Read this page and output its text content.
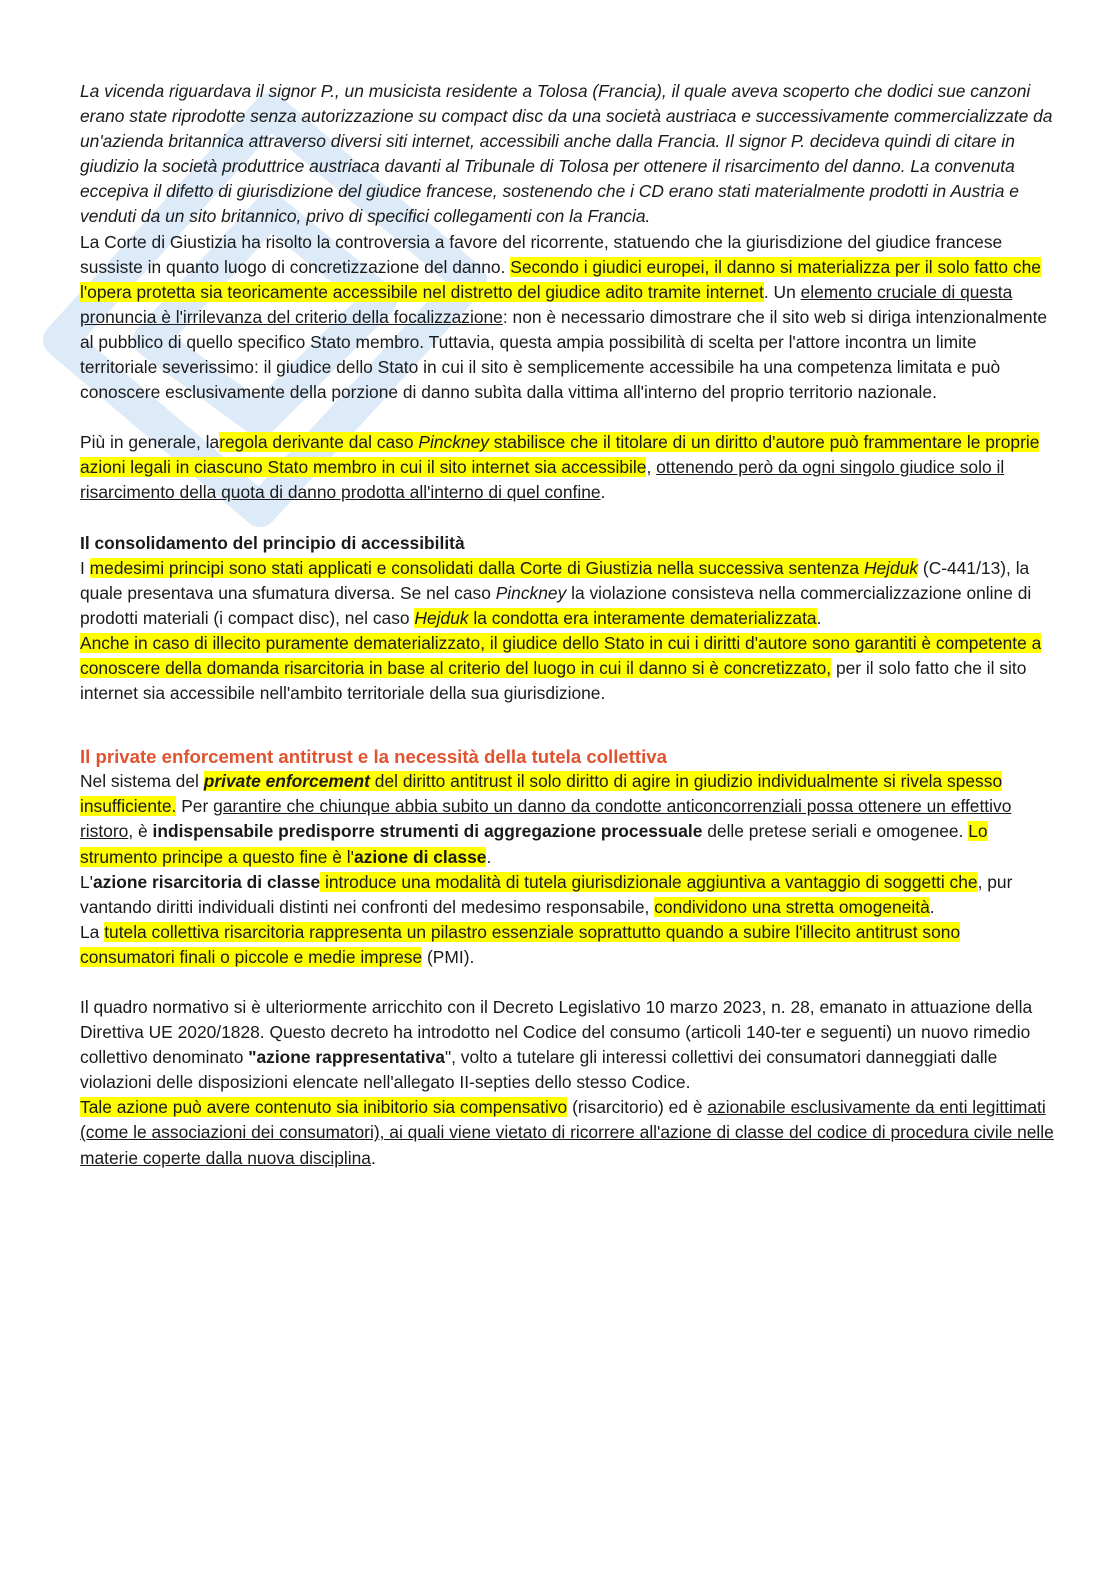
La vicenda riguardava il signor P., un musicista residente a Tolosa (Francia), il quale aveva scoperto che dodici sue canzoni erano state riprodotte senza autorizzazione su compact disc da una società austriaca e successivamente commercializzate da un'azienda britannica attraverso diversi siti internet, accessibili anche dalla Francia. Il signor P. decideva quindi di citare in giudizio la società produttrice austriaca davanti al Tribunale di Tolosa per ottenere il risarcimento del danno. La convenuta eccepiva il difetto di giurisdizione del giudice francese, sostenendo che i CD erano stati materialmente prodotti in Austria e venduti da un sito britannico, privo di specifici collegamenti con la Francia.

La Corte di Giustizia ha risolto la controversia a favore del ricorrente, statuendo che la giurisdizione del giudice francese sussiste in quanto luogo di concretizzazione del danno. Secondo i giudici europei, il danno si materializza per il solo fatto che l'opera protetta sia teoricamente accessibile nel distretto del giudice adito tramite internet. Un elemento cruciale di questa pronuncia è l'irrilevanza del criterio della focalizzazione: non è necessario dimostrare che il sito web si diriga intenzionalmente al pubblico di quello specifico Stato membro. Tuttavia, questa ampia possibilità di scelta per l'attore incontra un limite territoriale severissimo: il giudice dello Stato in cui il sito è semplicemente accessibile ha una competenza limitata e può conoscere esclusivamente della porzione di danno subìta dalla vittima all'interno del proprio territorio nazionale.

Più in generale, laregola derivante dal caso Pinckney stabilisce che il titolare di un diritto d'autore può frammentare le proprie azioni legali in ciascuno Stato membro in cui il sito internet sia accessibile, ottenendo però da ogni singolo giudice solo il risarcimento della quota di danno prodotta all'interno di quel confine.

Il consolidamento del principio di accessibilità

I medesimi principi sono stati applicati e consolidati dalla Corte di Giustizia nella successiva sentenza Hejduk (C-441/13), la quale presentava una sfumatura diversa. Se nel caso Pinckney la violazione consisteva nella commercializzazione online di prodotti materiali (i compact disc), nel caso Hejduk la condotta era interamente dematerializzata.

Anche in caso di illecito puramente dematerializzato, il giudice dello Stato in cui i diritti d'autore sono garantiti è competente a conoscere della domanda risarcitoria in base al criterio del luogo in cui il danno si è concretizzato, per il solo fatto che il sito internet sia accessibile nell'ambito territoriale della sua giurisdizione.

Il private enforcement antitrust e la necessità della tutela collettiva

Nel sistema del private enforcement del diritto antitrust il solo diritto di agire in giudizio individualmente si rivela spesso insufficiente. Per garantire che chiunque abbia subito un danno da condotte anticoncorrenziali possa ottenere un effettivo ristoro, è indispensabile predisporre strumenti di aggregazione processuale delle pretese seriali e omogenee. Lo strumento principe a questo fine è l'azione di classe.

L'azione risarcitoria di classe introduce una modalità di tutela giurisdizionale aggiuntiva a vantaggio di soggetti che, pur vantando diritti individuali distinti nei confronti del medesimo responsabile, condividono una stretta omogeneità.

La tutela collettiva risarcitoria rappresenta un pilastro essenziale soprattutto quando a subire l'illecito antitrust sono consumatori finali o piccole e medie imprese (PMI).

Il quadro normativo si è ulteriormente arricchito con il Decreto Legislativo 10 marzo 2023, n. 28, emanato in attuazione della Direttiva UE 2020/1828. Questo decreto ha introdotto nel Codice del consumo (articoli 140-ter e seguenti) un nuovo rimedio collettivo denominato "azione rappresentativa", volto a tutelare gli interessi collettivi dei consumatori danneggiati dalle violazioni delle disposizioni elencate nell'allegato II-septies dello stesso Codice.

Tale azione può avere contenuto sia inibitorio sia compensativo (risarcitorio) ed è azionabile esclusivamente da enti legittimati (come le associazioni dei consumatori), ai quali viene vietato di ricorrere all'azione di classe del codice di procedura civile nelle materie coperte dalla nuova disciplina.
